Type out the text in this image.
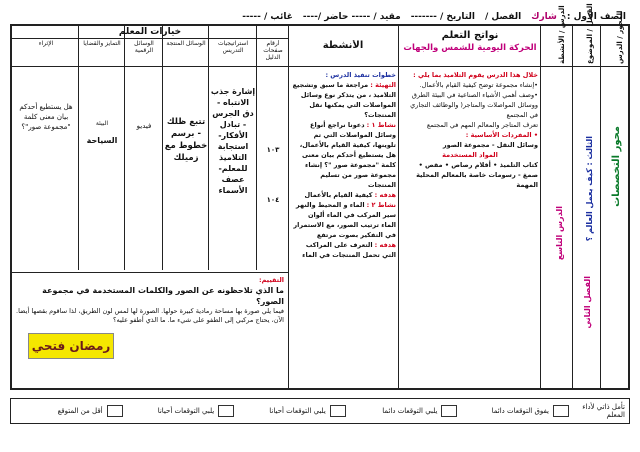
الصف الأول :
شارك
الفصل /
التاريخ / -------
مقيد / ----- حاضر /----
غائب / -----	المحور / الدرس
الفصل / الموضوع
الدرس / الأنشطة
نواتج التعلم
الحركة اليومية للشمس والجهات
الأنشطة
خيارات المعلم
أرقام صفحات الدليل
استراتيجيات التدريس
الوسائل المنتجة
الوسائل الرقمية
التمايز والقضايا
الإثراء
محور التخصصات
الثالث : كيف يعمل العالم ؟
الفصل الثاني
الدرس التاسع
خلال هذا الدرس يقوم التلاميذ بما يلي :
•إنشاء مجموعة توضح كيفية القيام بالأعمال.
•وصف أهمي الأشياء الصناعية في البيئة الطرق ووسائل المواصلات والمتاجر( والوظائف التجاري في المجتمع
تعرف المتاجر والمعالم المهم في المجتمع
• المفردات الأساسية :
وسائل النقل - مجموعة الصور
المواد المستخدمة
كتاب التلميذ • أقلام رصاص • مقص • صمغ - رسومات خاصة بالمعالم المحلية المهمة
خطوات تنفيذ الدرس :
التهيئة : مراجعة ما سبق وتشجيع التلاميذ ، من يتذكر نوع وسائل المواصلات التي يمكنها نقل المنتجات؟
نشاط ١ : دعونا نراجع أنواع وسائل المواصلات التي تم تلوينها، كيفية القيام بالأعمال، هل يستطيع أحدكم بيان معنى كلمة "مجموعة صور "؟ إنشاء مجموعة صور من تسليم المنتجات
هدفه : كيفية القيام بالأعمال
نشاط ٢ : الماء و المحيط والنهر سير المركب في الماء ألوان الماء ترتيب الصور، مع الاستمرار في التفكير بصوت مرتفع
هدفه : التعرف على المراكب التي تحمل المنتجات في الماء
١٠٣
١٠٤
إشارة جذب الانتباه - دق الجرس - تبادل الأفكار- استجابة التلاميذ للمعلم- عصف الأسماء
تتبع ظلك - برسم خطوط مع زميلك
فيديو
البيئة
السياحة
هل يستطيع أحدكم بيان معنى كلمة "مجموعة صور"؟
التقييم:
ما الذي تلاحظونه عن الصور والكلمات المستخدمة في مجموعة الصور؟
فيما يلي صورة بها مساحة رمادية كبيرة حولها. الصورة لها لمس لون الطريق، لذا ساقوم بقصها أيضا. الآن، يحتاج مركبي إلى الطفو على شيء ما. ما الذي أطفو عليه؟
رمضان فتحي
تأمل ذاتي لأداء المعلم
يفوق التوقعات دائما
يلبي التوقعات دائما
يلبي التوقعات أحيانا
يلبي التوقعات أحيانا
أقل من المتوقع
